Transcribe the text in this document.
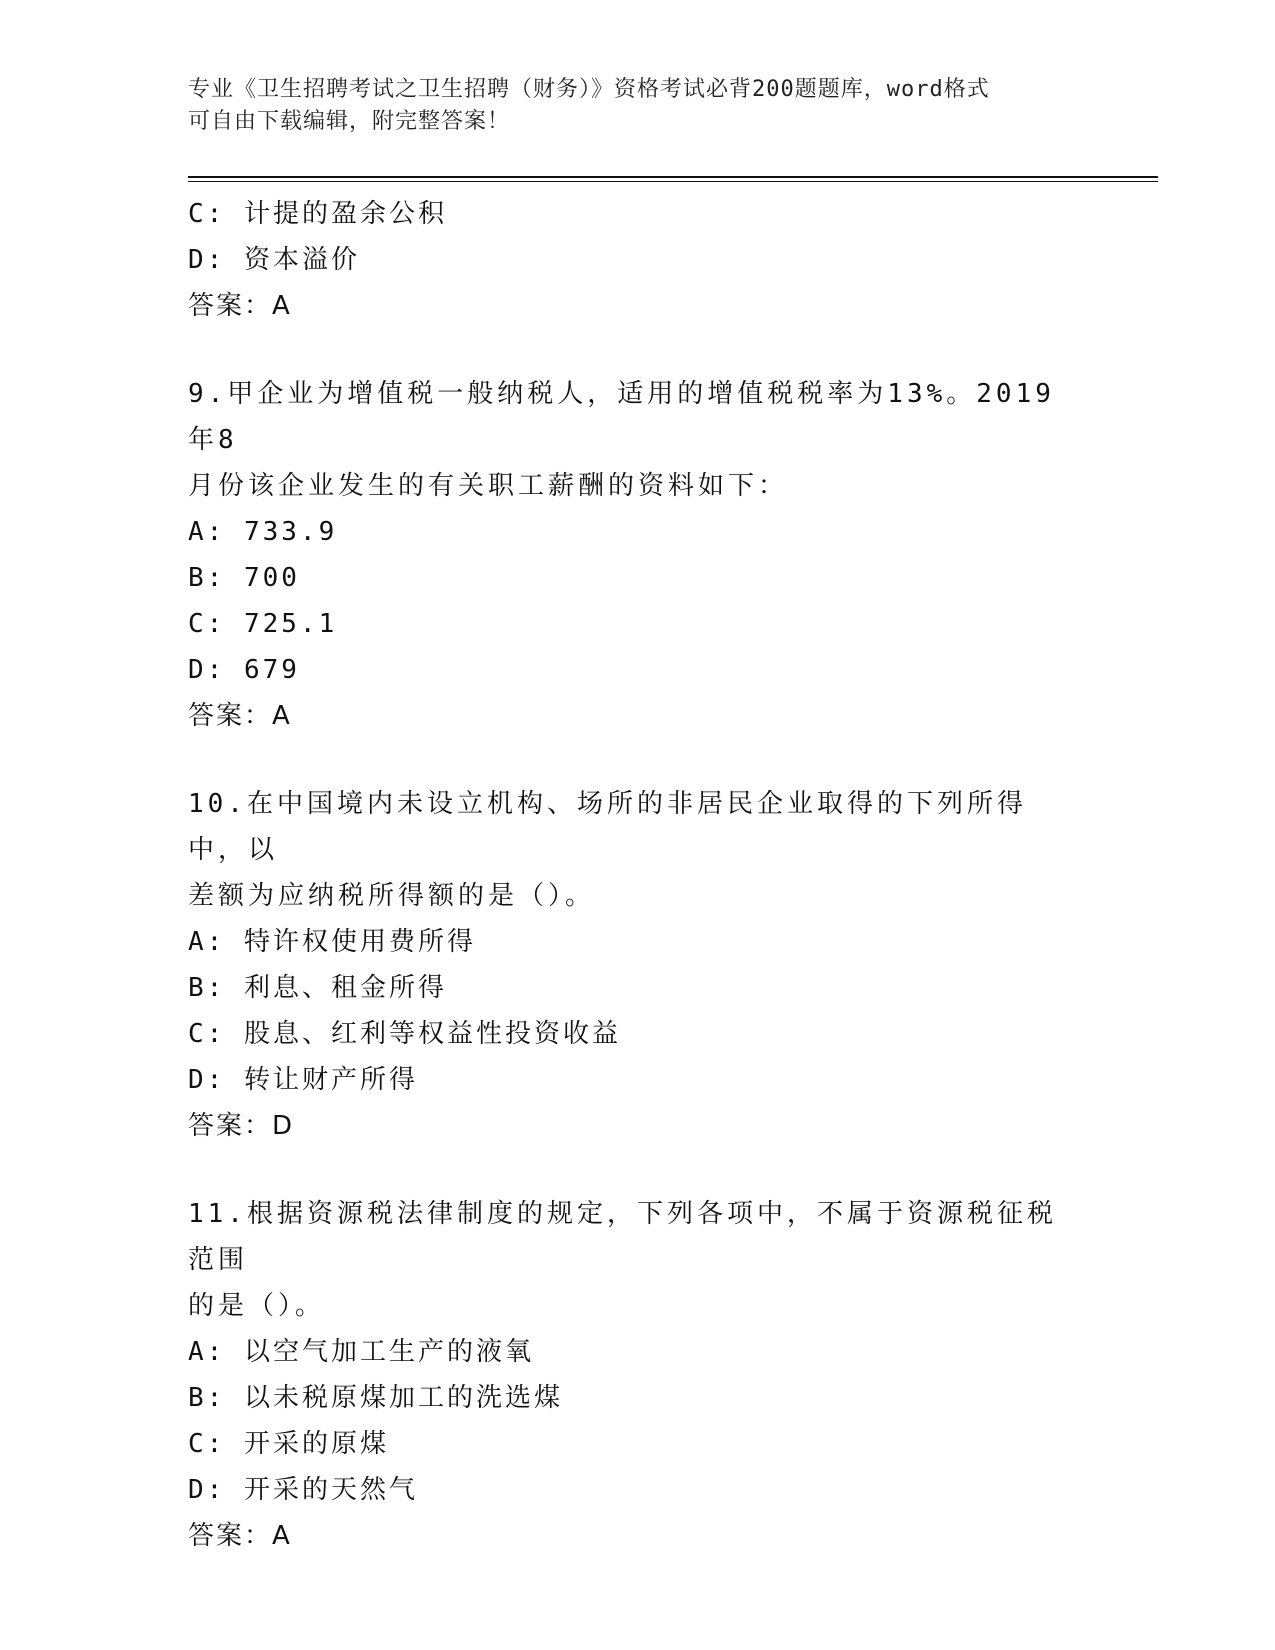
专业《卫生招聘考试之卫生招聘（财务）》资格考试必背200题题库，word格式
可自由下载编辑，附完整答案！
C: 计提的盈余公积
D: 资本溢价
答案：A
9.甲企业为增值税一般纳税人，适用的增值税税率为13%。2019年8
月份该企业发生的有关职工薪酬的资料如下：
A: 733.9
B: 700
C: 725.1
D: 679
答案：A
10.在中国境内未设立机构、场所的非居民企业取得的下列所得中，以
差额为应纳税所得额的是（）。
A: 特许权使用费所得
B: 利息、租金所得
C: 股息、红利等权益性投资收益
D: 转让财产所得
答案：D
11.根据资源税法律制度的规定，下列各项中，不属于资源税征税范围
的是（）。
A: 以空气加工生产的液氧
B: 以未税原煤加工的洗选煤
C: 开采的原煤
D: 开采的天然气
答案：A
